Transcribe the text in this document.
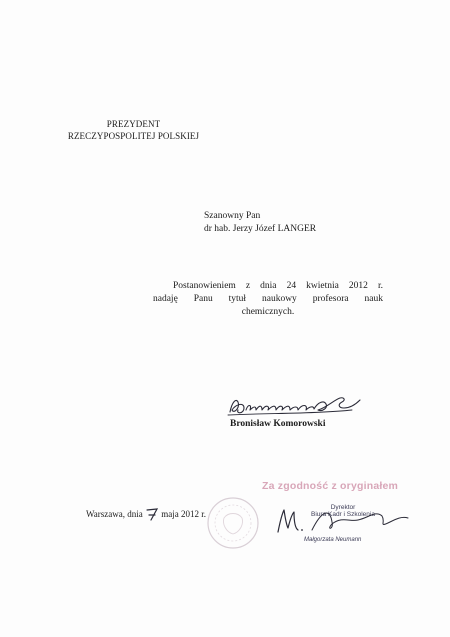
PREZYDENT
RZECZYPOSPOLITEJ POLSKIEJ
Szanowny Pan
dr hab. Jerzy Józef LANGER
Postanowieniem z dnia 24 kwietnia 2012 r.
nadaję Panu tytuł naukowy profesora nauk
chemicznych.
Bronisław Komorowski
Warszawa, dnia maja 2012 r.
Za zgodność z oryginałem
Dyrektor
Biura Kadr i Szkolenia
Małgorzata Neumann
